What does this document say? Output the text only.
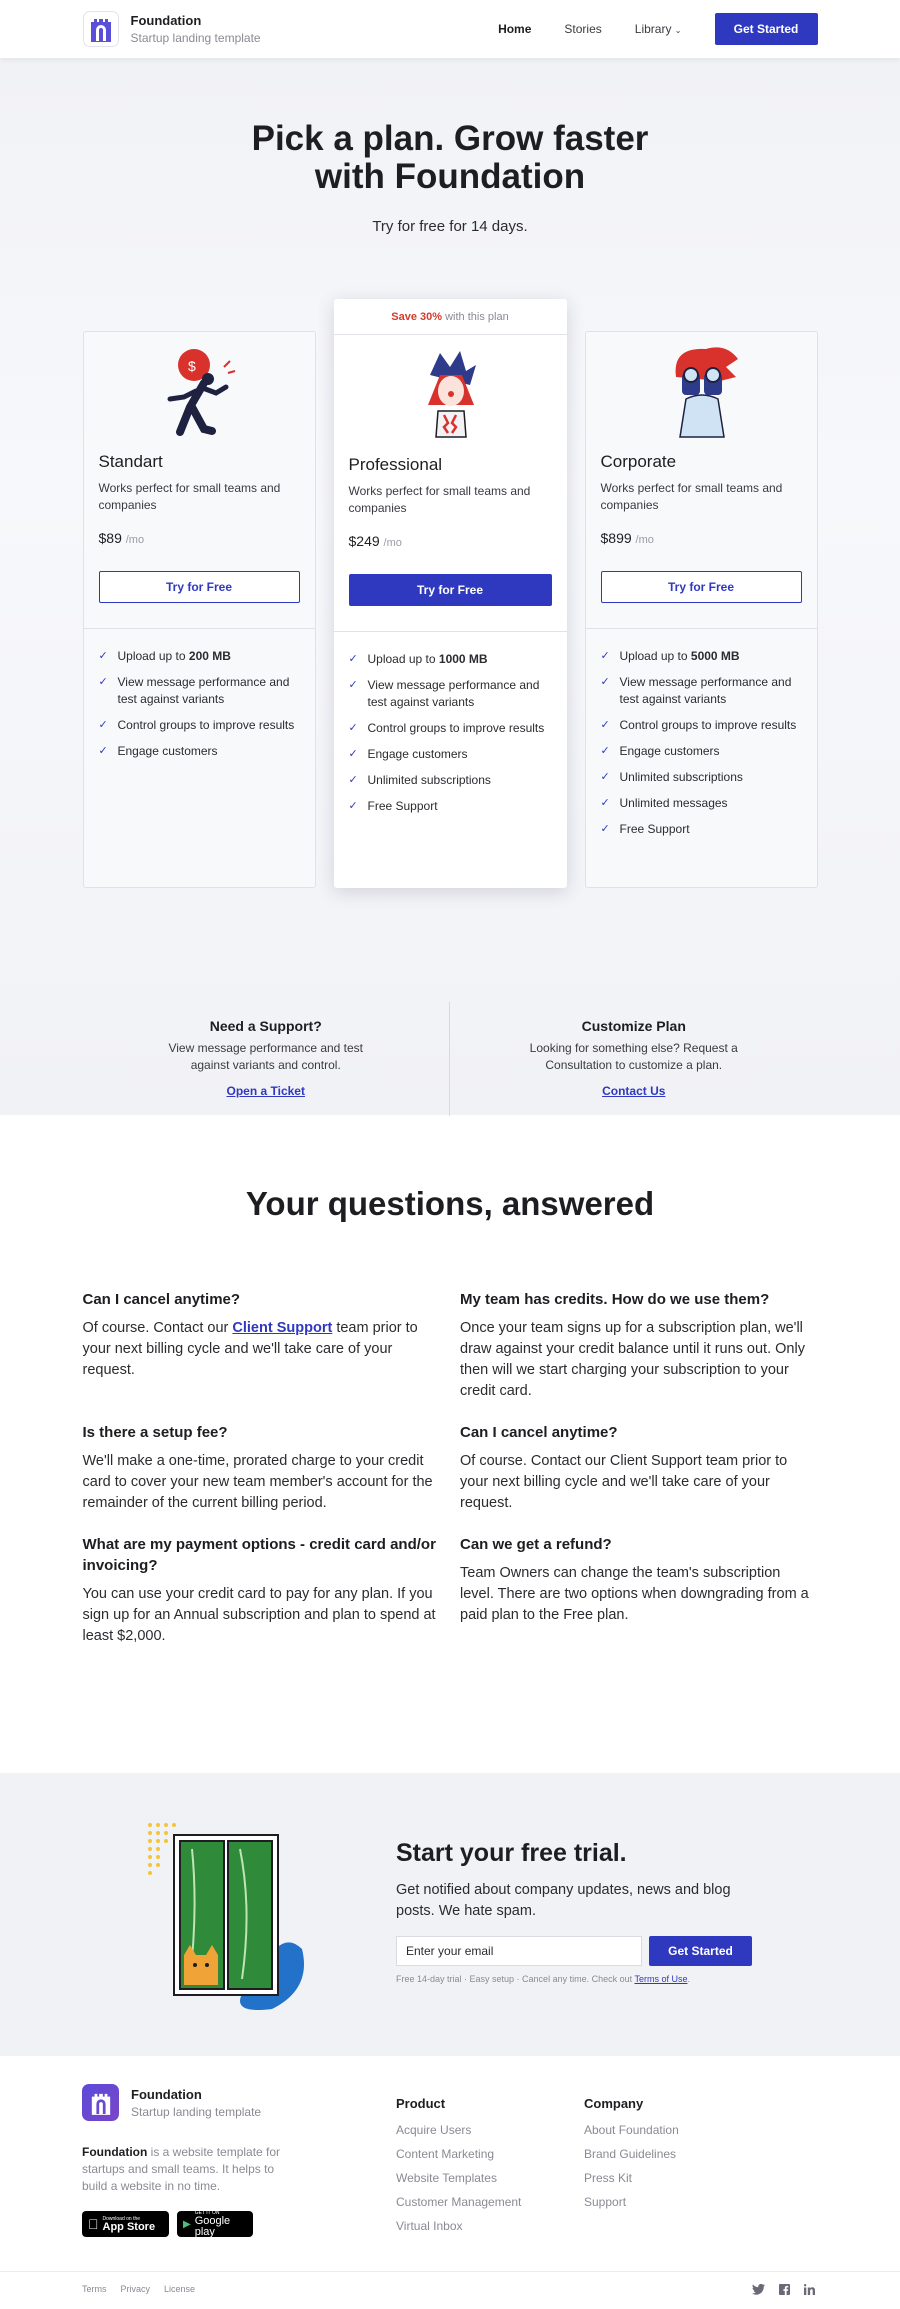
Foundation
Startup landing template
Home	Stories	Library ⌄	Get Started
Pick a plan. Grow faster with Foundation
Try for free for 14 days.
$
Standart
Works perfect for small teams and companies
$89 /mo
Try for Free
✓ Upload up to 200 MB
✓ View message performance and test against variants
✓ Control groups to improve results
✓ Engage customers
Save 30% with this plan
Professional
Works perfect for small teams and companies
$249 /mo
Try for Free
✓ Upload up to 1000 MB
✓ View message performance and test against variants
✓ Control groups to improve results
✓ Engage customers
✓ Unlimited subscriptions
✓ Free Support
Corporate
Works perfect for small teams and companies
$899 /mo
Try for Free
✓ Upload up to 5000 MB
✓ View message performance and test against variants
✓ Control groups to improve results
✓ Engage customers
✓ Unlimited subscriptions
✓ Unlimited messages
✓ Free Support
Need a Support?

View message performance and test against variants and control.

Open a Ticket
Customize Plan

Looking for something else? Request a Consultation to customize a plan.

Contact Us
Your questions, answered
Can I cancel anytime?

Of course. Contact our Client Support team prior to your next billing cycle and we'll take care of your request.

My team has credits. How do we use them?

Once your team signs up for a subscription plan, we'll draw against your credit balance until it runs out. Only then will we start charging your subscription to your credit card.

Is there a setup fee?

We'll make a one-time, prorated charge to your credit card to cover your new team member's account for the remainder of the current billing period.

Can I cancel anytime?

Of course. Contact our Client Support team prior to your next billing cycle and we'll take care of your request.

What are my payment options - credit card and/or invoicing?

You can use your credit card to pay for any plan. If you sign up for an Annual subscription and plan to spend at least $2,000.

Can we get a refund?

Team Owners can change the team's subscription level. There are two options when downgrading from a paid plan to the Free plan.

Start your free trial.

Get notified about company updates, news and blog posts. We hate spam.

Enter your email	Get Started
Free 14-day trial · Easy setup · Cancel any time. Check out Terms of Use.
Foundation
Startup landing template
Foundation is a website template for startups and small teams. It helps to build a website in no time.
Download on the
App Store	▶
GET IT ON
Google play
Product
Acquire Users
Content Marketing
Website Templates
Customer Management
Virtual Inbox
Company
About Foundation
Brand Guidelines
Press Kit
Support
Terms Privacy License
